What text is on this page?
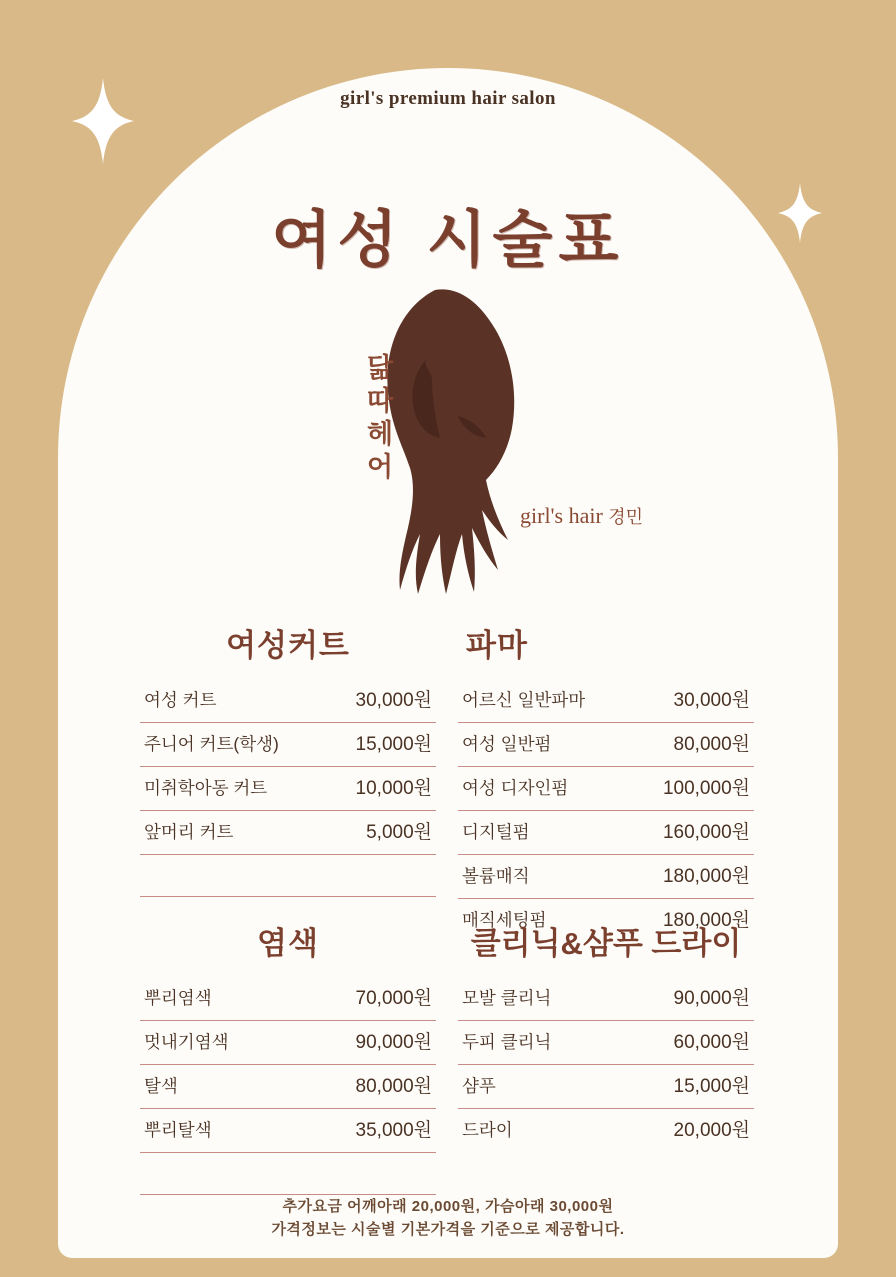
girl's premium hair salon
여성 시술표
닮
따
헤
어
girl's hair 경민
여성커트
여성 커트	30,000원
주니어 커트(학생)	15,000원
미취학아동 커트	10,000원
앞머리 커트	5,000원
파마
어르신 일반파마	30,000원
여성 일반펌	80,000원
여성 디자인펌	100,000원
디지털펌	160,000원
볼륨매직	180,000원
매직세팅펌	180,000원
염색
뿌리염색	70,000원
멋내기염색	90,000원
탈색	80,000원
뿌리탈색	35,000원
클리닉&샴푸 드라이
모발 클리닉	90,000원
두피 클리닉	60,000원
샴푸	15,000원
드라이	20,000원
추가요금 어깨아래 20,000원, 가슴아래 30,000원
가격정보는 시술별 기본가격을 기준으로 제공합니다.
